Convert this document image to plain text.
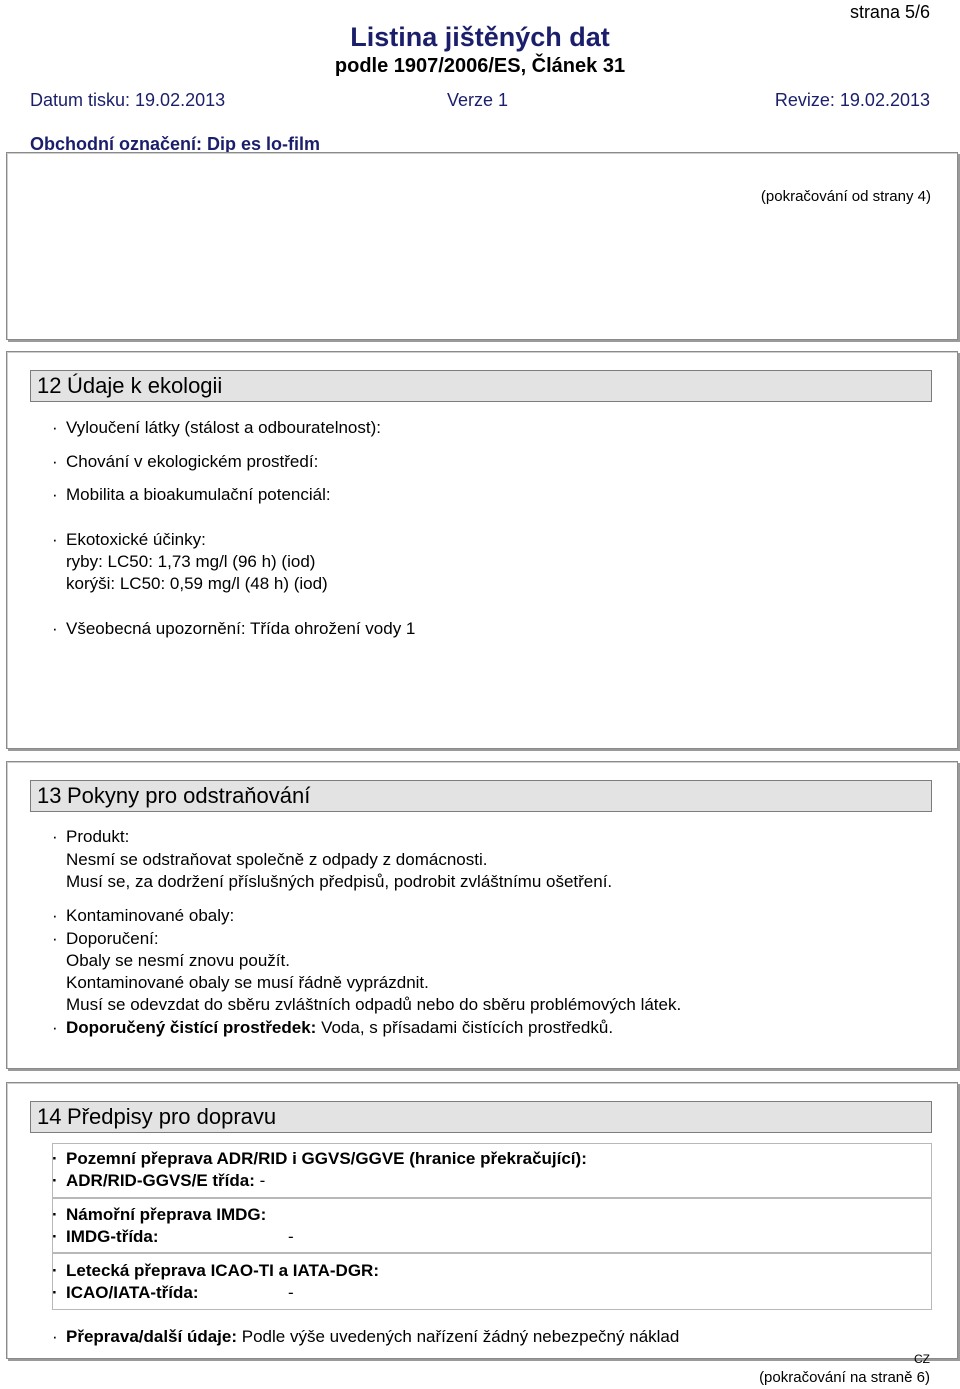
strana 5/6
Listina jištěných dat
podle 1907/2006/ES, Článek 31
Datum tisku: 19.02.2013	Verze 1	Revize: 19.02.2013
Obchodní označení: Dip es lo-film
(pokračování od strany 4)
12 Údaje k ekologii
· Vyloučení látky (stálost a odbouratelnost):
· Chování v ekologickém prostředí:
· Mobilita a bioakumulační potenciál:
· Ekotoxické účinky:
ryby: LC50: 1,73 mg/l (96 h) (iod)
korýši: LC50: 0,59 mg/l (48 h) (iod)
· Všeobecná upozornění: Třída ohrožení vody 1
13 Pokyny pro odstraňování
· Produkt:
Nesmí se odstraňovat společně z odpady z domácnosti.
Musí se, za dodržení příslušných předpisů, podrobit zvláštnímu ošetření.
· Kontaminované obaly:
· Doporučení:
Obaly se nesmí znovu použít.
Kontaminované obaly se musí řádně vyprázdnit.
Musí se odevzdat do sběru zvláštních odpadů nebo do sběru problémových látek.
· Doporučený čistící prostředek: Voda, s přísadami čistících prostředků.
14 Předpisy pro dopravu
· Pozemní přeprava ADR/RID i GGVS/GGVE (hranice překračující):
· ADR/RID-GGVS/E třída: -
· Námořní přeprava IMDG:
· IMDG-třída:	-
· Letecká přeprava ICAO-TI a IATA-DGR:
· ICAO/IATA-třída:	-
· Přeprava/další údaje: Podle výše uvedených nařízení žádný nebezpečný náklad
CZ
(pokračování na straně 6)
